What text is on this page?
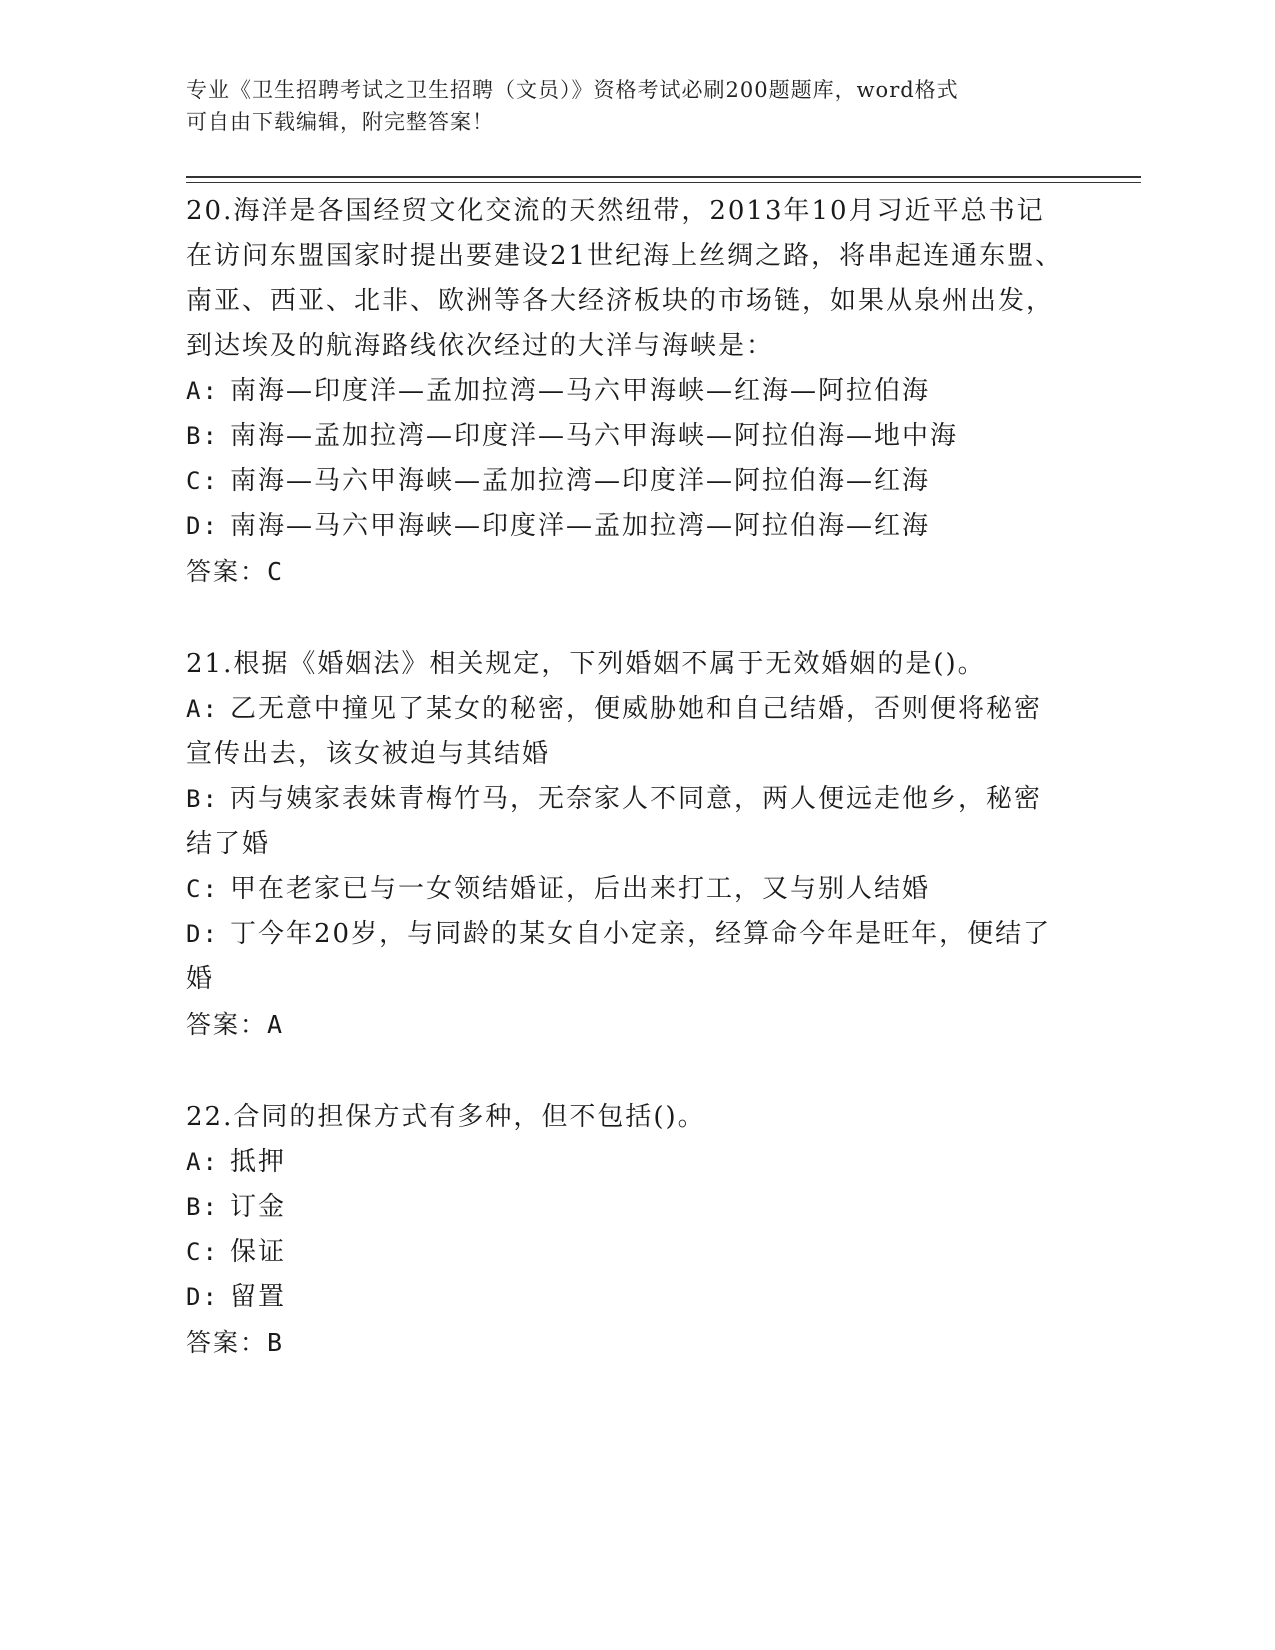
专业《卫生招聘考试之卫生招聘（文员）》资格考试必刷200题题库，word格式
可自由下载编辑，附完整答案！
20.海洋是各国经贸文化交流的天然纽带，2013年10月习近平总书记在访问东盟国家时提出要建设21世纪海上丝绸之路，将串起连通东盟、南亚、西亚、北非、欧洲等各大经济板块的市场链，如果从泉州出发，到达埃及的航海路线依次经过的大洋与海峡是：
A: 南海—印度洋—孟加拉湾—马六甲海峡—红海—阿拉伯海
B: 南海—孟加拉湾—印度洋—马六甲海峡—阿拉伯海—地中海
C: 南海—马六甲海峡—孟加拉湾—印度洋—阿拉伯海—红海
D: 南海—马六甲海峡—印度洋—孟加拉湾—阿拉伯海—红海
答案：C
21.根据《婚姻法》相关规定，下列婚姻不属于无效婚姻的是()。
A: 乙无意中撞见了某女的秘密，便威胁她和自己结婚，否则便将秘密宣传出去，该女被迫与其结婚
B: 丙与姨家表妹青梅竹马，无奈家人不同意，两人便远走他乡，秘密结了婚
C: 甲在老家已与一女领结婚证，后出来打工，又与别人结婚
D: 丁今年20岁，与同龄的某女自小定亲，经算命今年是旺年，便结了婚
答案：A
22.合同的担保方式有多种，但不包括()。
A: 抵押
B: 订金
C: 保证
D: 留置
答案：B
